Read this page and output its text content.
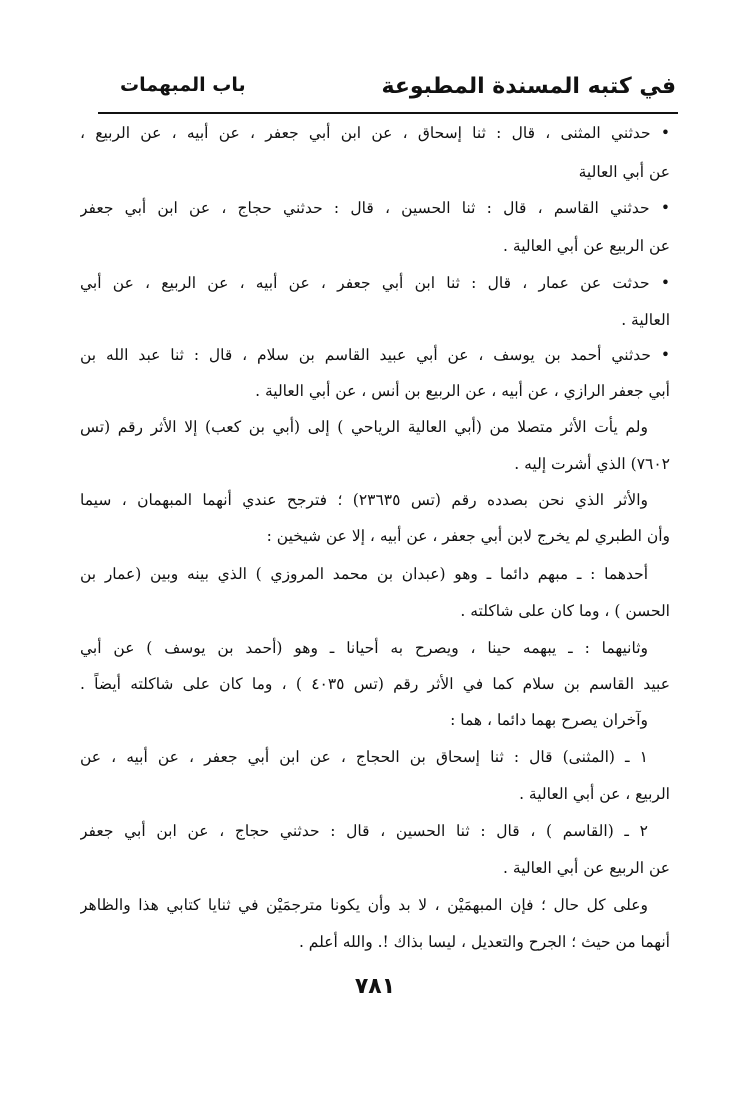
في كتبه المسندة المطبوعة
باب المبهمات
• حدثني المثنى ، قال : ثنا إسحاق ، عن ابن أبي جعفر ، عن أبيه ، عن الربيع ،
عن أبي العالية
• حدثني القاسم ، قال : ثنا الحسين ، قال : حدثني حجاج ، عن ابن أبي جعفر
عن الربيع عن أبي العالية .
• حدثت عن عمار ، قال : ثنا ابن أبي جعفر ، عن أبيه ، عن الربيع ، عن أبي
العالية .
• حدثني أحمد بن يوسف ، عن أبي عبيد القاسم بن سلام ، قال : ثنا عبد الله بن
أبي جعفر الرازي ، عن أبيه ، عن الربيع بن أنس ، عن أبي العالية .
ولم يأت الأثر متصلا من (أبي العالية الرياحي ) إلى (أبي بن كعب) إلا الأثر رقم (تس
٧٦٠٢) الذي أشرت إليه .
والأثر الذي نحن بصدده رقم (تس ٢٣٦٣٥) ؛ فترجح عندي أنهما المبهمان ، سيما
وأن الطبري لم يخرج لابن أبي جعفر ، عن أبيه ، إلا عن شيخين :
أحدهما : ـ مبهم دائما ـ وهو (عبدان بن محمد المروزي ) الذي بينه وبين (عمار بن
الحسن ) ، وما كان على شاكلته .
وثانيهما : ـ يبهمه حينا ، ويصرح به أحيانا ـ وهو (أحمد بن يوسف ) عن أبي
عبيد القاسم بن سلام كما في الأثر رقم (تس ٤٠٣٥ ) ، وما كان على شاكلته أيضاً .
وآخران يصرح بهما دائما ، هما :
١ ـ (المثنى) قال : ثنا إسحاق بن الحجاج ، عن ابن أبي جعفر ، عن أبيه ، عن
الربيع ، عن أبي العالية .
٢ ـ (القاسم ) ، قال : ثنا الحسين ، قال : حدثني حجاج ، عن ابن أبي جعفر
عن الربيع عن أبي العالية .
وعلى كل حال ؛ فإن المبهمَيْن ، لا بد وأن يكونا مترجمَيْن في ثنايا كتابي هذا والظاهر
أنهما من حيث ؛ الجرح والتعديل ، ليسا بذاك !. والله أعلم .
٧٨١
